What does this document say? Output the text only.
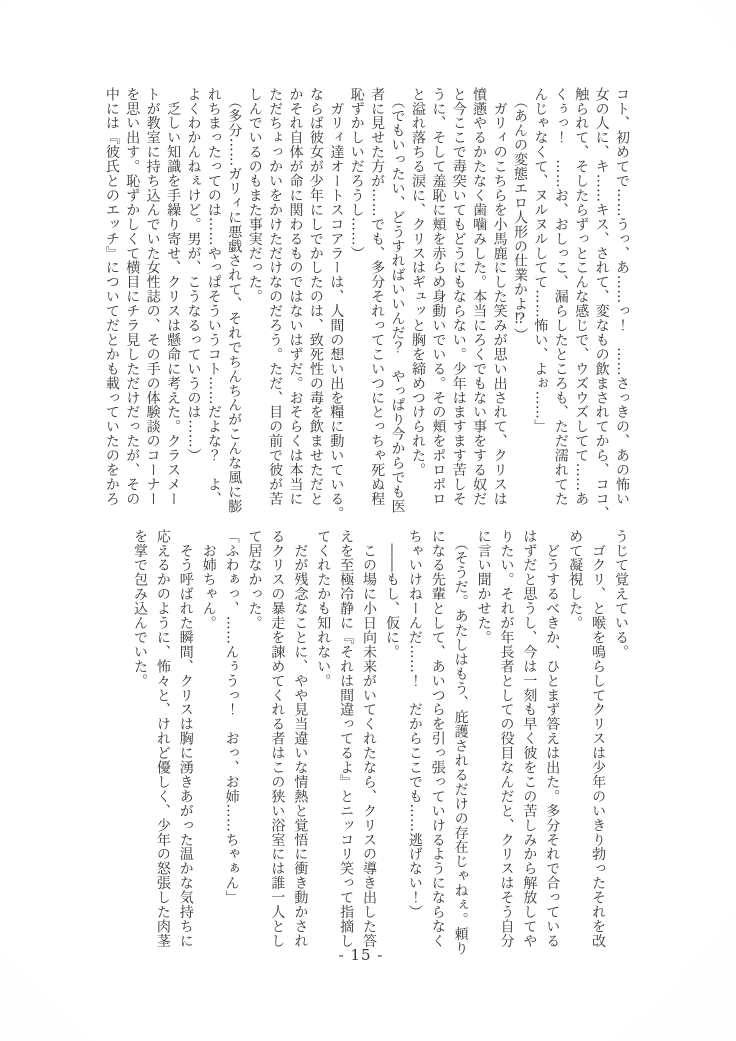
コト、初めてで……うっ、あ……っ！　……さっきの、あの怖い
女の人に、キ……キス、されて、変なもの飲まされてから、ココ、
触られて、そしたらずっとこんな感じで、ウズウズしてて……あ
くぅっ！　……お、おしっこ、漏らしたところも、ただ濡れてた
んじゃなくて、ヌルヌルしてて……怖い、よぉ……」
　（あんの変態エロ人形の仕業かよ⁉）
　ガリィのこちらを小馬鹿にした笑みが思い出されて、クリスは
憤懣やるかたなく歯噛みした。本当にろくでもない事をする奴だ
と今ここで毒突いてもどうにもならない。少年はますます苦しそ
うに、そして羞恥に頬を赤らめ身動いでいる。その頬をポロポロ
と溢れ落ちる涙に、クリスはギュッと胸を締めつけられた。
　（でもいったい、どうすればいいんだ？　やっぱり今からでも医
者に見せた方が……でも、多分それってこいつにとっちゃ死ぬ程
恥ずかしいだろうし……）
　ガリィ達オートスコアラーは、人間の想い出を糧に動いている。
ならば彼女が少年にしでかしたのは、致死性の毒を飲ませただと
かそれ自体が命に関わるものではないはずだ。おそらくは本当に
ただちょっかいをかけただけなのだろう。ただ、目の前で彼が苦
しんでいるのもまた事実だった。
　（多分……ガリィに悪戯されて、それでちんちんがこんな風に膨
れちまったってのは……やっぱそういうコト……だよな？　よ、
よくわかんねぇけど。男が、こうなるっていうのは……）
　乏しい知識を手繰り寄せ、クリスは懸命に考えた。クラスメー
トが教室に持ち込んでいた女性誌の、その手の体験談のコーナー
を思い出す。恥ずかしくて横目にチラ見しただけだったが、その
中には『彼氏とのエッチ』についてだとかも載っていたのをかろ
うじて覚えている。
　ゴクリ、と喉を鳴らしてクリスは少年のいきり勃ったそれを改
めて凝視した。
　どうするべきか、ひとまず答えは出た。多分それで合っている
はずだと思うし、今は一刻も早く彼をこの苦しみから解放してや
りたい。それが年長者としての役目なんだと、クリスはそう自分
に言い聞かせた。
　（そうだ。あたしはもう、庇護されるだけの存在じゃねぇ。頼り
になる先輩として、あいつらを引っ張っていけるようにならなく
ちゃいけねーんだ……！　だからここでも……逃げない！）
　――もし、仮に。
　この場に小日向未来がいてくれたなら、クリスの導き出した答
えを至極冷静に『それは間違ってるよ』とニッコリ笑って指摘し
てくれたかも知れない。
　だが残念なことに、やや見当違いな情熱と覚悟に衝き動かされ
るクリスの暴走を諫めてくれる者はこの狭い浴室には誰一人とし
て居なかった。
「ふわぁっ、……んぅうっ！　おっ、お姉……ちゃぁん」
　お姉ちゃん。
　そう呼ばれた瞬間、クリスは胸に湧きあがった温かな気持ちに
応えるかのように、怖々と、けれど優しく、少年の怒張した肉茎
を掌で包み込んでいた。
- 15 -
